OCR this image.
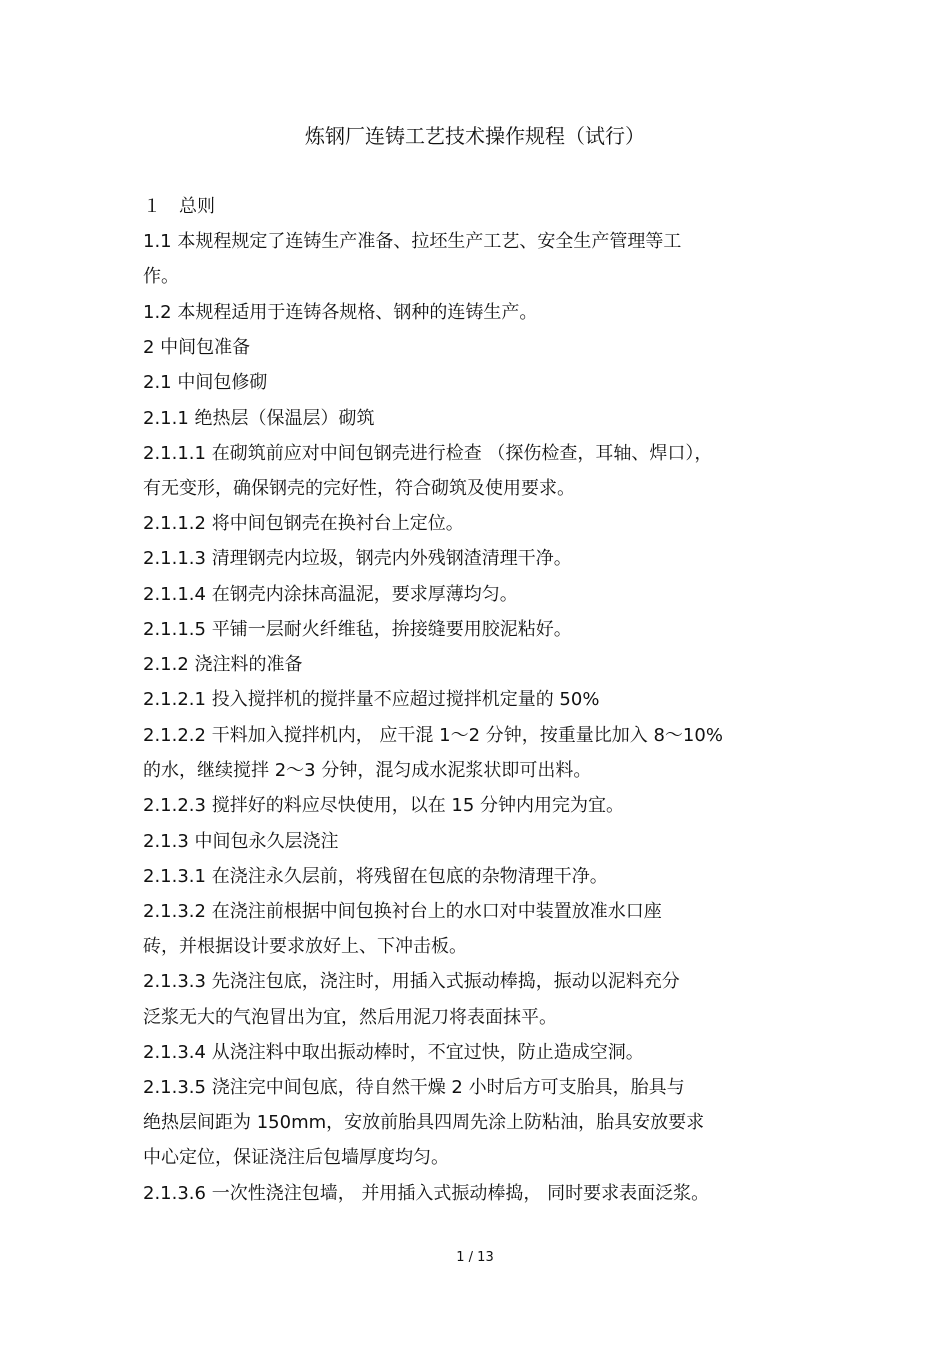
炼钢厂连铸工艺技术操作规程（试行）
１　总则
1.1 本规程规定了连铸生产准备、拉坯生产工艺、安全生产管理等工
作。
1.2 本规程适用于连铸各规格、钢种的连铸生产。
2 中间包准备
2.1 中间包修砌
2.1.1 绝热层（保温层）砌筑
2.1.1.1 在砌筑前应对中间包钢壳进行检查 （探伤检查，耳轴、焊口），
有无变形，确保钢壳的完好性，符合砌筑及使用要求。
2.1.1.2 将中间包钢壳在换衬台上定位。
2.1.1.3 清理钢壳内垃圾，钢壳内外残钢渣清理干净。
2.1.1.4 在钢壳内涂抹高温泥，要求厚薄均匀。
2.1.1.5 平铺一层耐火纤维毡，拚接缝要用胶泥粘好。
2.1.2 浇注料的准备
2.1.2.1 投入搅拌机的搅拌量不应超过搅拌机定量的 50%
2.1.2.2 干料加入搅拌机内， 应干混 1～2 分钟，按重量比加入 8～10%
的水，继续搅拌 2～3 分钟，混匀成水泥浆状即可出料。
2.1.2.3 搅拌好的料应尽快使用，以在 15 分钟内用完为宜。
2.1.3 中间包永久层浇注
2.1.3.1 在浇注永久层前，将残留在包底的杂物清理干净。
2.1.3.2 在浇注前根据中间包换衬台上的水口对中装置放准水口座
砖，并根据设计要求放好上、下冲击板。
2.1.3.3 先浇注包底，浇注时，用插入式振动棒捣，振动以泥料充分
泛浆无大的气泡冒出为宜，然后用泥刀将表面抹平。
2.1.3.4 从浇注料中取出振动棒时，不宜过快，防止造成空洞。
2.1.3.5 浇注完中间包底，待自然干燥 2 小时后方可支胎具，胎具与
绝热层间距为 150mm，安放前胎具四周先涂上防粘油，胎具安放要求
中心定位，保证浇注后包墙厚度均匀。
2.1.3.6 一次性浇注包墙， 并用插入式振动棒捣， 同时要求表面泛浆。
1 / 13
